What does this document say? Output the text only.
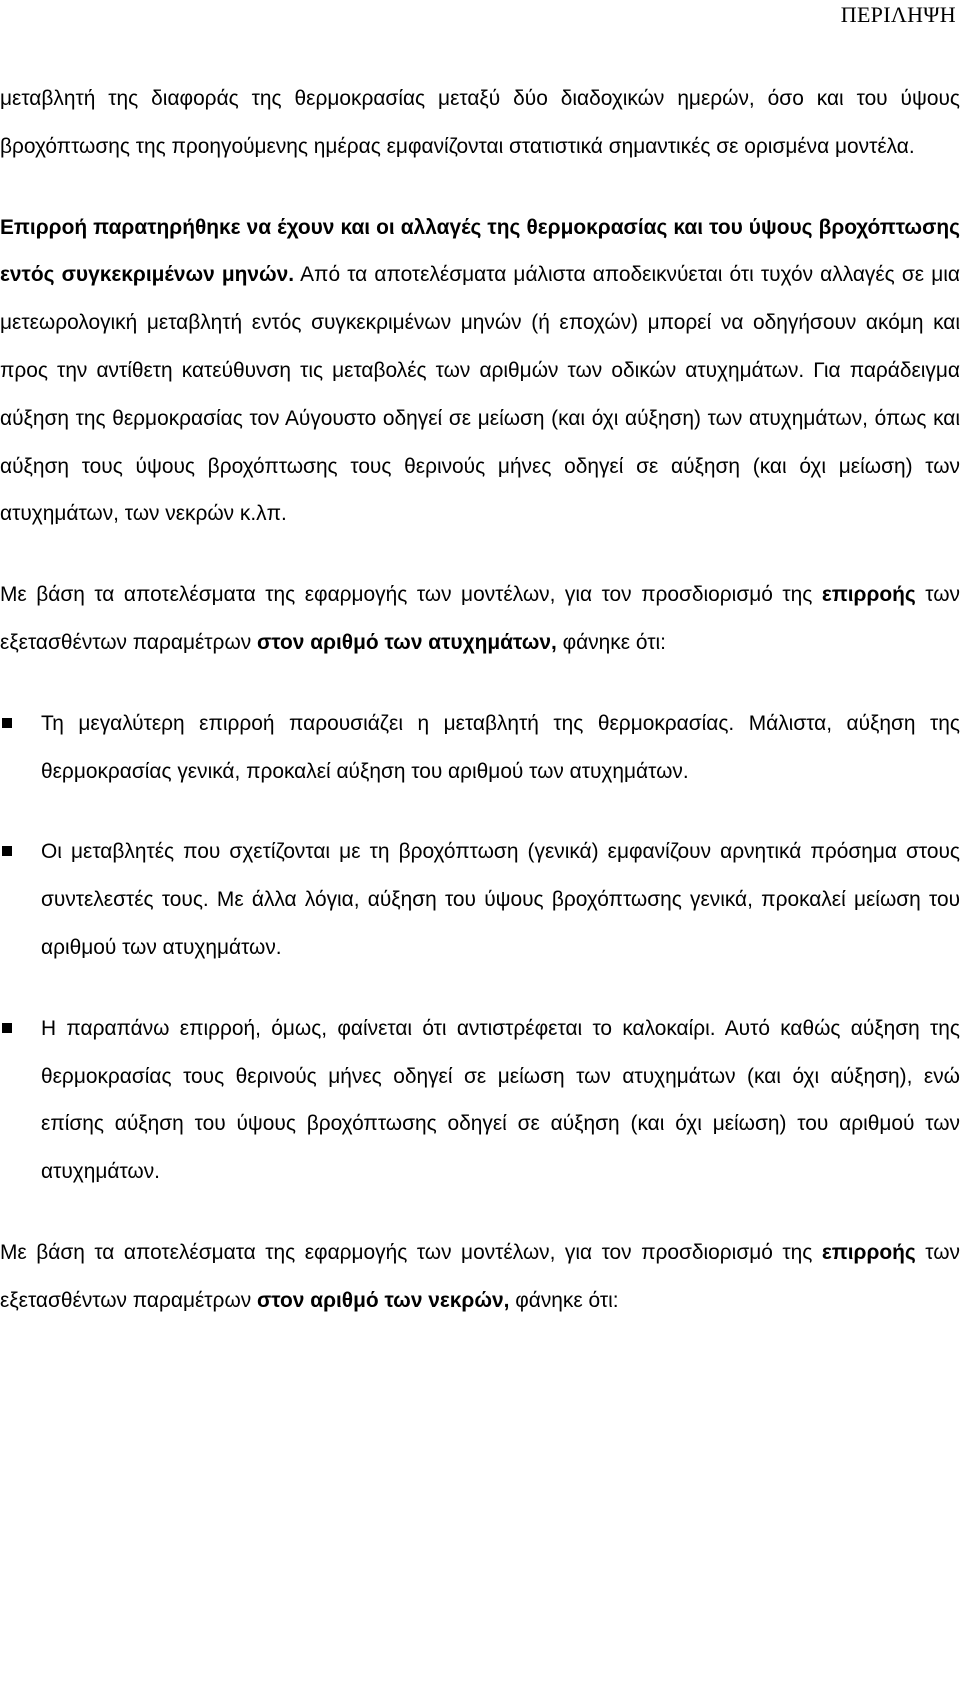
ΠΕΡΙΛΗΨΗ

μεταβλητή της διαφοράς της θερμοκρασίας μεταξύ δύο διαδοχικών ημερών, όσο και του ύψους βροχόπτωσης της προηγούμενης ημέρας εμφανίζονται στατιστικά σημαντικές σε ορισμένα μοντέλα.

Επιρροή παρατηρήθηκε να έχουν και οι αλλαγές της θερμοκρασίας και του ύψους βροχόπτωσης εντός συγκεκριμένων μηνών. Από τα αποτελέσματα μάλιστα αποδεικνύεται ότι τυχόν αλλαγές σε μια μετεωρολογική μεταβλητή εντός συγκεκριμένων μηνών (ή εποχών) μπορεί να οδηγήσουν ακόμη και προς την αντίθετη κατεύθυνση τις μεταβολές των αριθμών των οδικών ατυχημάτων. Για παράδειγμα αύξηση της θερμοκρασίας τον Αύγουστο οδηγεί σε μείωση (και όχι αύξηση) των ατυχημάτων, όπως και αύξηση τους ύψους βροχόπτωσης τους θερινούς μήνες οδηγεί σε αύξηση (και όχι μείωση) των ατυχημάτων, των νεκρών κ.λπ.

Με βάση τα αποτελέσματα της εφαρμογής των μοντέλων, για τον προσδιορισμό της επιρροής των εξετασθέντων παραμέτρων στον αριθμό των ατυχημάτων, φάνηκε ότι:

Τη μεγαλύτερη επιρροή παρουσιάζει η μεταβλητή της θερμοκρασίας. Μάλιστα, αύξηση της θερμοκρασίας γενικά, προκαλεί αύξηση του αριθμού των ατυχημάτων.
Οι μεταβλητές που σχετίζονται με τη βροχόπτωση (γενικά) εμφανίζουν αρνητικά πρόσημα στους συντελεστές τους. Με άλλα λόγια, αύξηση του ύψους βροχόπτωσης γενικά, προκαλεί μείωση του αριθμού των ατυχημάτων.
Η παραπάνω επιρροή, όμως, φαίνεται ότι αντιστρέφεται το καλοκαίρι. Αυτό καθώς αύξηση της θερμοκρασίας τους θερινούς μήνες οδηγεί σε μείωση των ατυχημάτων (και όχι αύξηση), ενώ επίσης αύξηση του ύψους βροχόπτωσης οδηγεί σε αύξηση (και όχι μείωση) του αριθμού των ατυχημάτων.

Με βάση τα αποτελέσματα της εφαρμογής των μοντέλων, για τον προσδιορισμό της επιρροής των εξετασθέντων παραμέτρων στον αριθμό των νεκρών, φάνηκε ότι:
